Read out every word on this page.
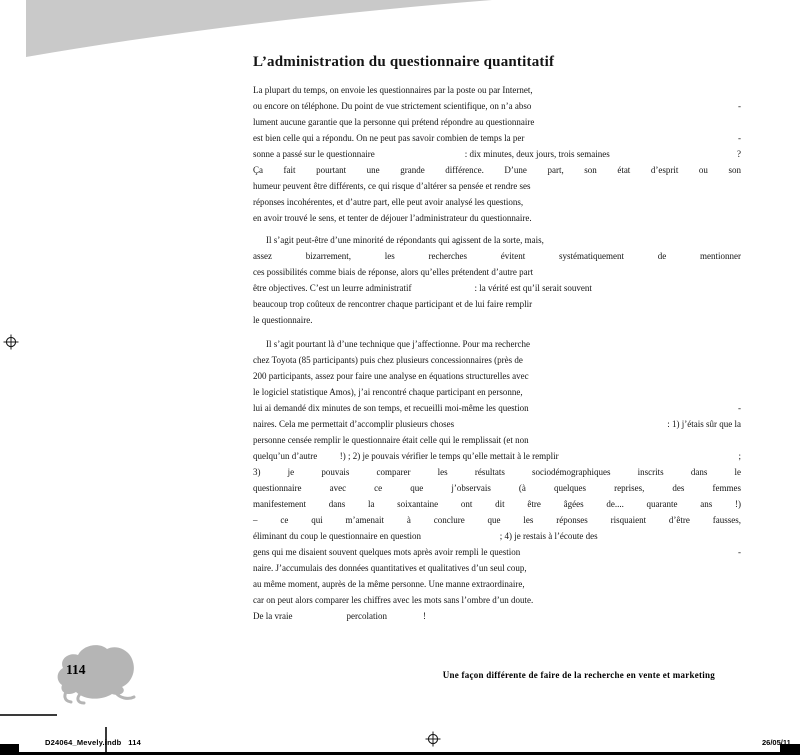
L’administration du questionnaire quantitatif
La plupart du temps, on envoie les questionnaires par la poste ou par Internet,
ou encore on téléphone. Du point de vue strictement scientifique, on n’a abso	-
lument aucune garantie que la personne qui prétend répondre au questionnaire
est bien celle qui a répondu. On ne peut pas savoir combien de temps la per	-
sonne a passé sur le questionnaire                                        : dix minutes, deux jours, trois semaines	?
Ça fait pourtant une grande différence. D’une part, son état d’esprit ou son
humeur peuvent être différents, ce qui risque d’altérer sa pensée et rendre ses
réponses incohérentes, et d’autre part, elle peut avoir analysé les questions,
en avoir trouvé le sens, et tenter de déjouer l’administrateur du questionnaire.
Il s’agit peut-être d’une minorité de répondants qui agissent de la sorte, mais,
assez bizarrement, les recherches évitent systématiquement de mentionner
ces possibilités comme biais de réponse, alors qu’elles prétendent d’autre part
être objectives. C’est un leurre administratif                            : la vérité est qu’il serait souvent
beaucoup trop coûteux de rencontrer chaque participant et de lui faire remplir
le questionnaire.
Il s’agit pourtant là d’une technique que j’affectionne. Pour ma recherche
chez Toyota (85 participants) puis chez plusieurs concessionnaires (près de
200 participants, assez pour faire une analyse en équations structurelles avec
le logiciel statistique Amos), j’ai rencontré chaque participant en personne,
lui ai demandé dix minutes de son temps, et recueilli moi-même les question	-
naires. Cela me permettait d’accomplir plusieurs choses	: 1) j’étais sûr que la
personne censée remplir le questionnaire était celle qui le remplissait (et non
quelqu’un d’autre          !) ; 2) je pouvais vérifier le temps qu’elle mettait à le remplir	;
3) je pouvais comparer les résultats sociodémographiques inscrits dans le
questionnaire avec ce que j’observais (à quelques reprises, des femmes
manifestement dans la soixantaine ont dit être âgées de.... quarante ans !)
– ce qui m’amenait à conclure que les réponses risquaient d’être fausses,
éliminant du coup le questionnaire en question                                   ; 4) je restais à l’écoute des
gens qui me disaient souvent quelques mots après avoir rempli le question	-
naire. J’accumulais des données quantitatives et qualitatives d’un seul coup,
au même moment, auprès de la même personne. Une manne extraordinaire,
car on peut alors comparer les chiffres avec les mots sans l’ombre d’un doute.
De la vraie                        percolation                !
114	Une façon différente de faire de la recherche en vente et marketing
D24064_Mevely.indb   114	26/05/11
